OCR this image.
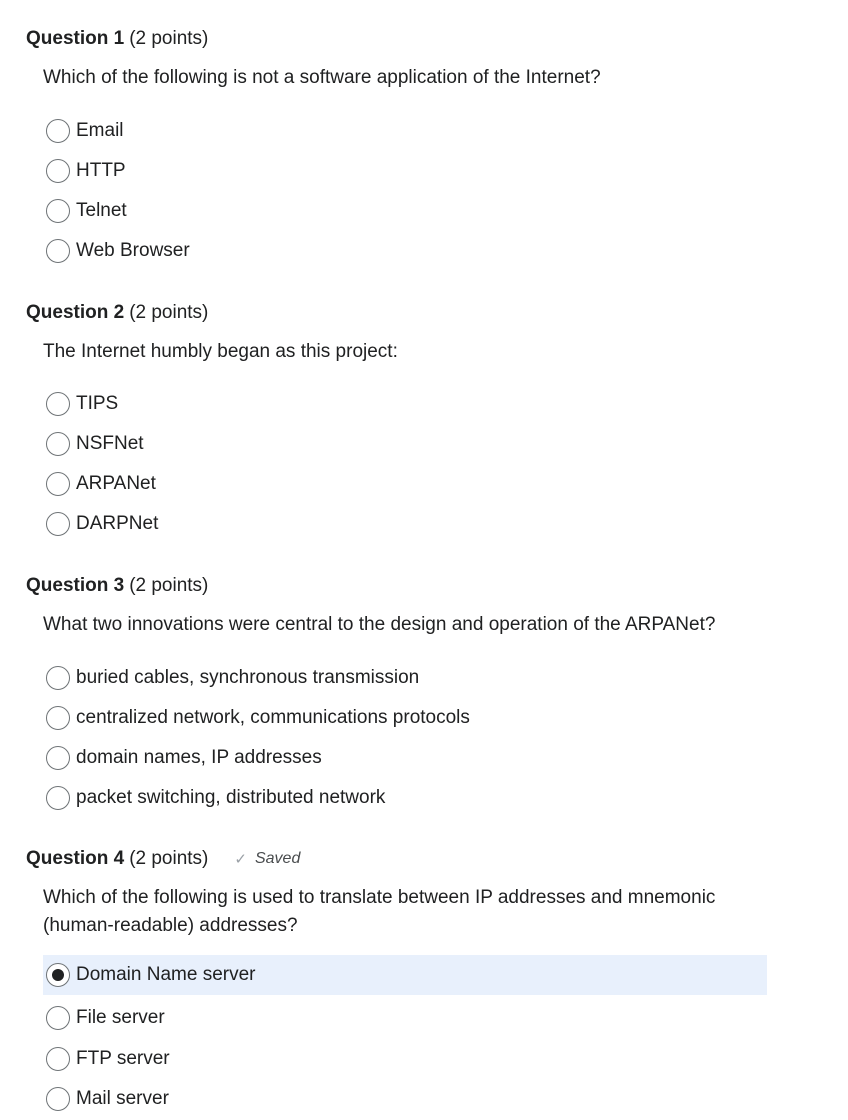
Question 1 (2 points)
Which of the following is not a software application of the Internet?
Email
HTTP
Telnet
Web Browser
Question 2 (2 points)
The Internet humbly began as this project:
TIPS
NSFNet
ARPANet
DARPNet
Question 3 (2 points)
What two innovations were central to the design and operation of the ARPANet?
buried cables, synchronous transmission
centralized network, communications protocols
domain names, IP addresses
packet switching, distributed network
Question 4 (2 points) ✓ Saved
Which of the following is used to translate between IP addresses and mnemonic (human-readable) addresses?
Domain Name server
File server
FTP server
Mail server
